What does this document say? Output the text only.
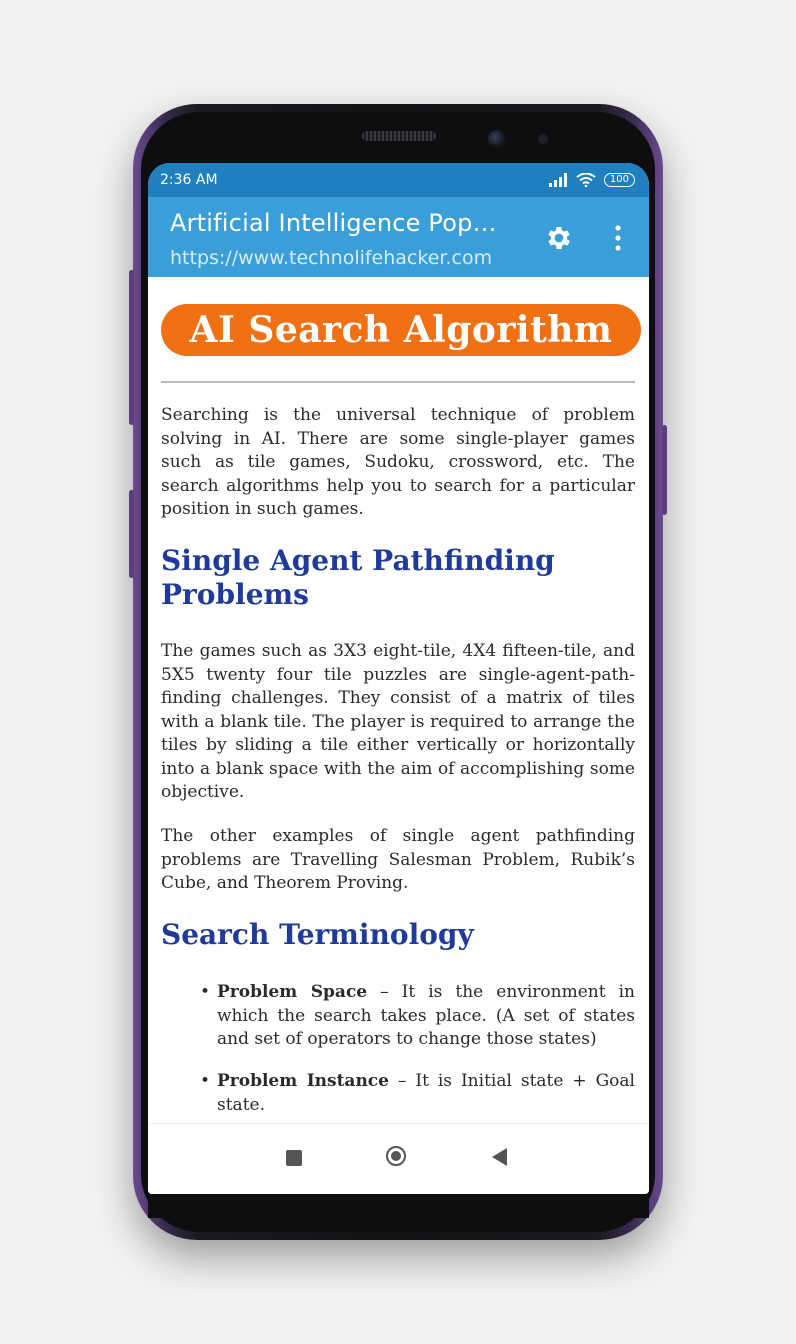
2:36 AM	100
Artificial Intelligence Pop…
https://www.technolifehacker.com
AI Search Algorithm

Searching is the universal technique of problem solving in AI. There are some single-player games such as tile games, Sudoku, crossword, etc. The search algorithms help you to search for a particular position in such games.

Single Agent Pathfinding Problems

The games such as 3X3 eight-tile, 4X4 fifteen-tile, and 5X5 twenty four tile puzzles are single-agent-path-finding challenges. They consist of a matrix of tiles with a blank tile. The player is required to arrange the tiles by sliding a tile either vertically or horizontally into a blank space with the aim of accomplishing some objective.

The other examples of single agent pathfinding problems are Travelling Salesman Problem, Rubik’s Cube, and Theorem Proving.

Search Terminology
• Problem Space – It is the environment in which the search takes place. (A set of states and set of operators to change those states)
• Problem Instance – It is Initial state + Goal state.
